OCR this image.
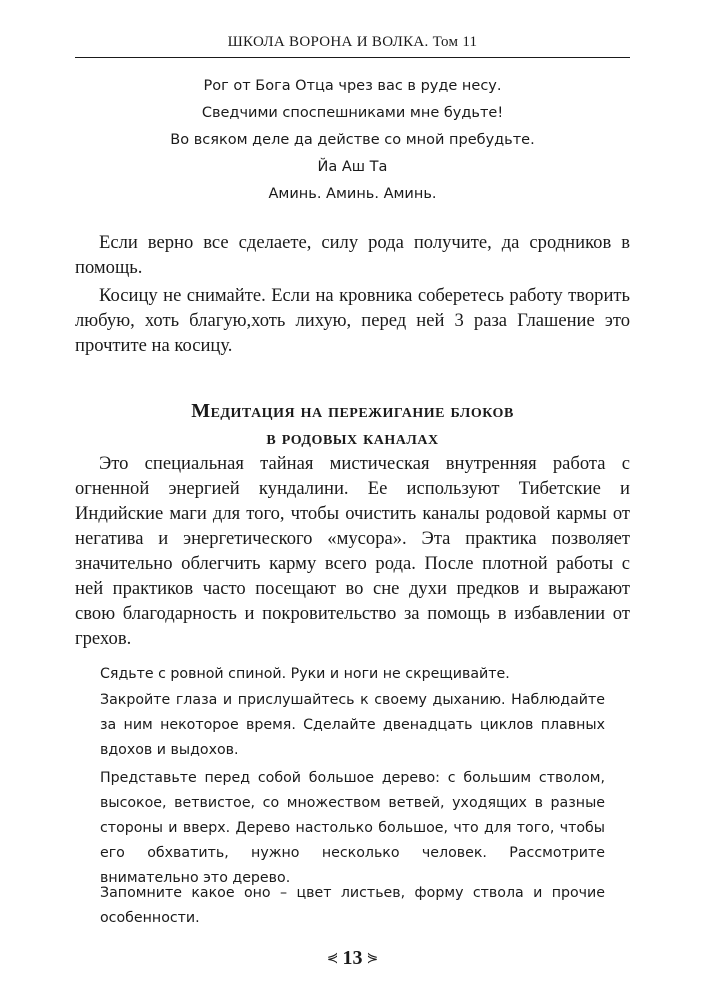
ШКОЛА ВОРОНА И ВОЛКА. Том 11
Рог от Бога Отца чрез вас в руде несу.
Сведчими споспешниками мне будьте!
Во всяком деле да действе со мной пребудьте.
Йа Аш Та
Аминь. Аминь. Аминь.

Если верно все сделаете, силу рода получите, да сродников в помощь.

Косицу не снимайте. Если на кровника соберетесь работу творить любую, хоть благую,хоть лихую, перед ней 3 раза Глашение это прочтите на косицу.

Медитация на пережигание блоков
в родовых каналах

Это специальная тайная мистическая внутренняя работа с огненной энергией кундалини. Ее используют Тибетские и Индийские маги для того, чтобы очистить каналы родовой кармы от негатива и энергетического «мусора». Эта практика позволяет значительно облегчить карму всего рода. После плотной работы с ней практиков часто посещают во сне духи предков и выражают свою благодарность и покровительство за помощь в избавлении от грехов.

Сядьте с ровной спиной. Руки и ноги не скрещивайте.

Закройте глаза и прислушайтесь к своему дыханию. Наблюдайте за ним некоторое время. Сделайте двенадцать циклов плавных вдохов и выдохов.

Представьте перед собой большое дерево: с большим стволом, высокое, ветвистое, со множеством ветвей, уходящих в разные стороны и вверх. Дерево настолько большое, что для того, чтобы его обхватить, нужно несколько человек. Рассмотрите внимательно это дерево.

Запомните какое оно – цвет листьев, форму ствола и прочие особенности.

⋞ 13 ⋟
